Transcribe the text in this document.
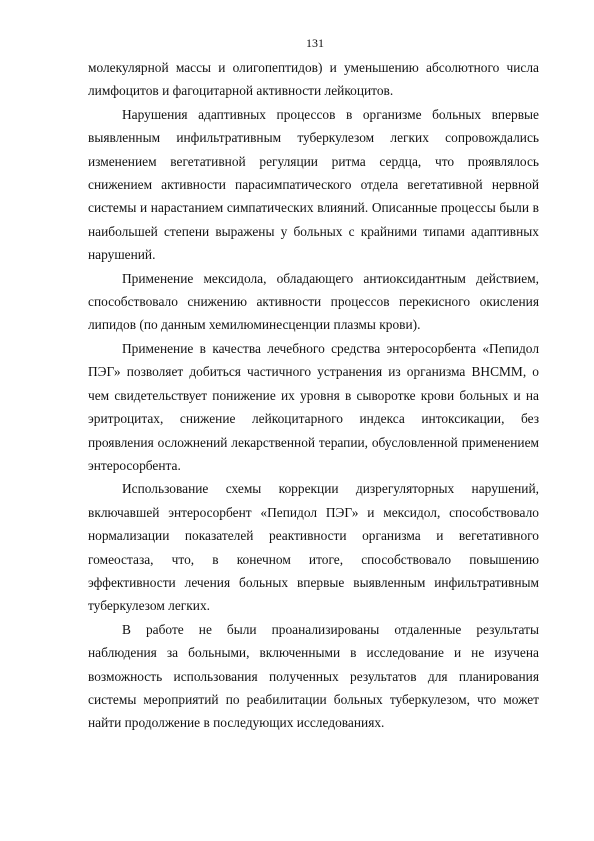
131

молекулярной массы и олигопептидов) и уменьшению абсолютного числа лимфоцитов и фагоцитарной активности лейкоцитов.

Нарушения адаптивных процессов в организме больных впервые выявленным инфильтративным туберкулезом легких сопровождались изменением вегетативной регуляции ритма сердца, что проявлялось снижением активности парасимпатического отдела вегетативной нервной системы и нарастанием симпатических влияний. Описанные процессы были в наибольшей степени выражены у больных с крайними типами адаптивных нарушений.

Применение мексидола, обладающего антиоксидантным действием, способствовало снижению активности процессов перекисного окисления липидов (по данным хемилюминесценции плазмы крови).

Применение в качества лечебного средства энтеросорбента «Пепидол ПЭГ» позволяет добиться частичного устранения из организма ВНСММ, о чем свидетельствует понижение их уровня в сыворотке крови больных и на эритроцитах, снижение лейкоцитарного индекса интоксикации, без проявления осложнений лекарственной терапии, обусловленной применением энтеросорбента.

Использование схемы коррекции дизрегуляторных нарушений, включавшей энтеросорбент «Пепидол ПЭГ» и мексидол, способствовало нормализации показателей реактивности организма и вегетативного гомеостаза, что, в конечном итоге, способствовало повышению эффективности лечения больных впервые выявленным инфильтративным туберкулезом легких.

В работе не были проанализированы отдаленные результаты наблюдения за больными, включенными в исследование и не изучена возможность использования полученных результатов для планирования системы мероприятий по реабилитации больных туберкулезом, что может найти продолжение в последующих исследованиях.
